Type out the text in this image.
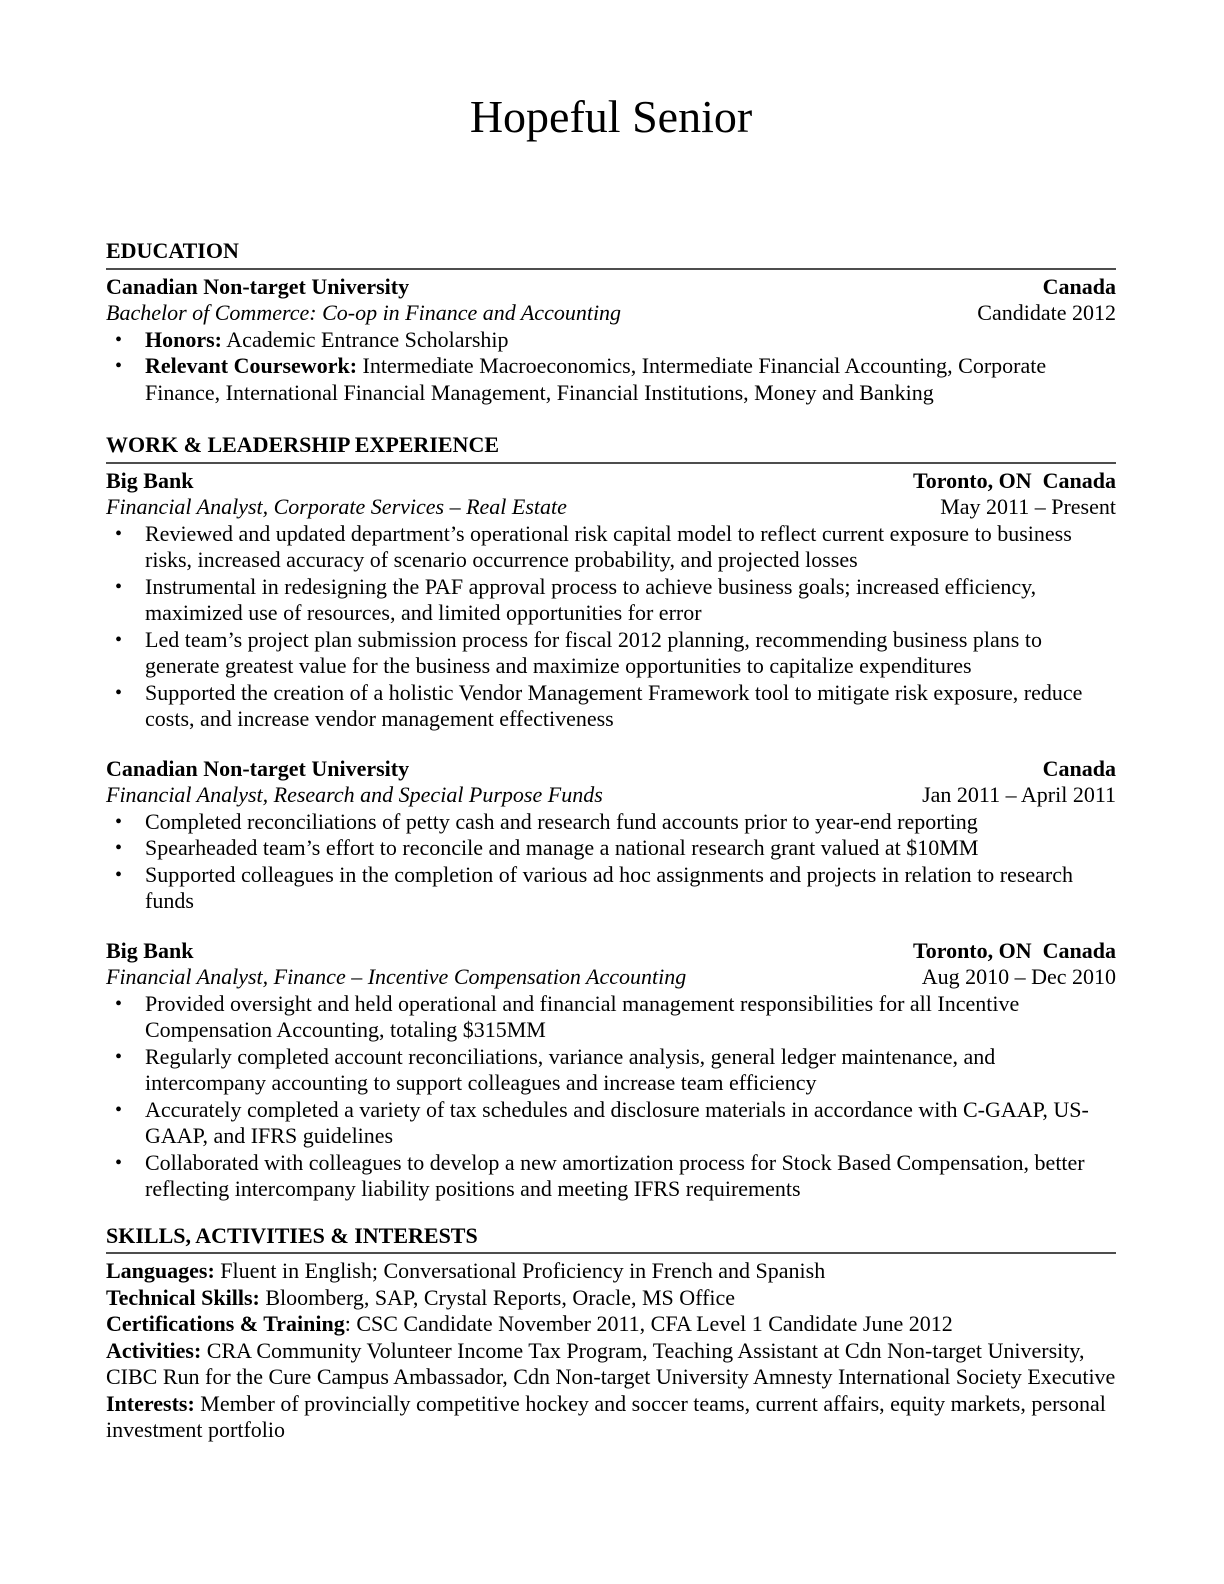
Hopeful Senior
EDUCATION
Canadian Non-target University	Canada
Bachelor of Commerce: Co-op in Finance and Accounting	Candidate 2012
• Honors: Academic Entrance Scholarship
• Relevant Coursework: Intermediate Macroeconomics, Intermediate Financial Accounting, Corporate Finance, International Financial Management, Financial Institutions, Money and Banking
WORK & LEADERSHIP EXPERIENCE
Big Bank	Toronto, ON  Canada
Financial Analyst, Corporate Services – Real Estate	May 2011 – Present
• Reviewed and updated department’s operational risk capital model to reflect current exposure to business risks, increased accuracy of scenario occurrence probability, and projected losses
• Instrumental in redesigning the PAF approval process to achieve business goals; increased efficiency, maximized use of resources, and limited opportunities for error
• Led team’s project plan submission process for fiscal 2012 planning, recommending business plans to generate greatest value for the business and maximize opportunities to capitalize expenditures
• Supported the creation of a holistic Vendor Management Framework tool to mitigate risk exposure, reduce costs, and increase vendor management effectiveness
Canadian Non-target University	Canada
Financial Analyst, Research and Special Purpose Funds	Jan 2011 – April 2011
• Completed reconciliations of petty cash and research fund accounts prior to year-end reporting
• Spearheaded team’s effort to reconcile and manage a national research grant valued at $10MM
• Supported colleagues in the completion of various ad hoc assignments and projects in relation to research funds
Big Bank	Toronto, ON  Canada
Financial Analyst, Finance – Incentive Compensation Accounting	Aug 2010 – Dec 2010
• Provided oversight and held operational and financial management responsibilities for all Incentive Compensation Accounting, totaling $315MM
• Regularly completed account reconciliations, variance analysis, general ledger maintenance, and intercompany accounting to support colleagues and increase team efficiency
• Accurately completed a variety of tax schedules and disclosure materials in accordance with C-GAAP, US-GAAP, and IFRS guidelines
• Collaborated with colleagues to develop a new amortization process for Stock Based Compensation, better reflecting intercompany liability positions and meeting IFRS requirements
SKILLS, ACTIVITIES & INTERESTS

Languages: Fluent in English; Conversational Proficiency in French and Spanish

Technical Skills: Bloomberg, SAP, Crystal Reports, Oracle, MS Office

Certifications & Training: CSC Candidate November 2011, CFA Level 1 Candidate June 2012

Activities: CRA Community Volunteer Income Tax Program, Teaching Assistant at Cdn Non-target University, CIBC Run for the Cure Campus Ambassador, Cdn Non-target University Amnesty International Society Executive

Interests: Member of provincially competitive hockey and soccer teams, current affairs, equity markets, personal investment portfolio
